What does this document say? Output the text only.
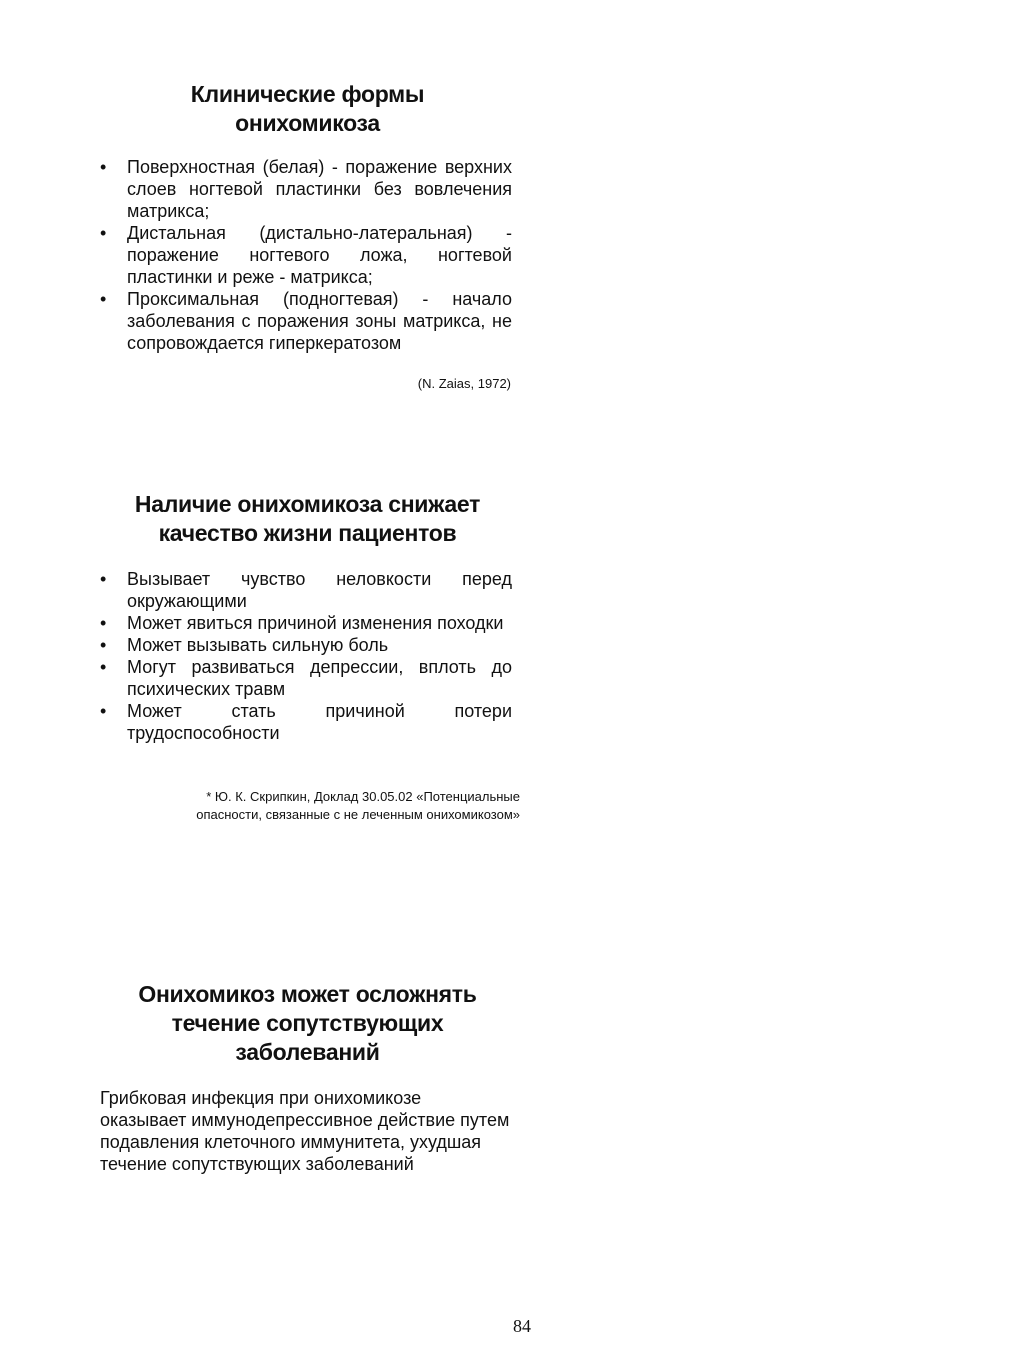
Клинические формы
онихомикоза
• Поверхностная (белая) - поражение верхних слоев ногтевой пластинки без вовлечения матрикса;
• Дистальная (дистально-латеральная) - поражение ногтевого ложа, ногтевой пластинки и реже - матрикса;
• Проксимальная (подногтевая) - начало заболевания с поражения зоны матрикса, не сопровождается гиперкератозом

(N. Zaias, 1972)

Наличие онихомикоза снижает
качество жизни пациентов
• Вызывает чувство неловкости перед окружающими
• Может явиться причиной изменения походки
• Может вызывать сильную боль
• Могут развиваться депрессии, вплоть до психических травм
• Может стать причиной потери трудоспособности

* Ю. К. Скрипкин, Доклад 30.05.02 «Потенциальные
опасности, связанные с не леченным онихомикозом»

Онихомикоз может осложнять
течение сопутствующих
заболеваний

Грибковая инфекция при онихомикозе оказывает иммунодепрессивное действие путем подавления клеточного иммунитета, ухудшая течение сопутствующих заболеваний

84
